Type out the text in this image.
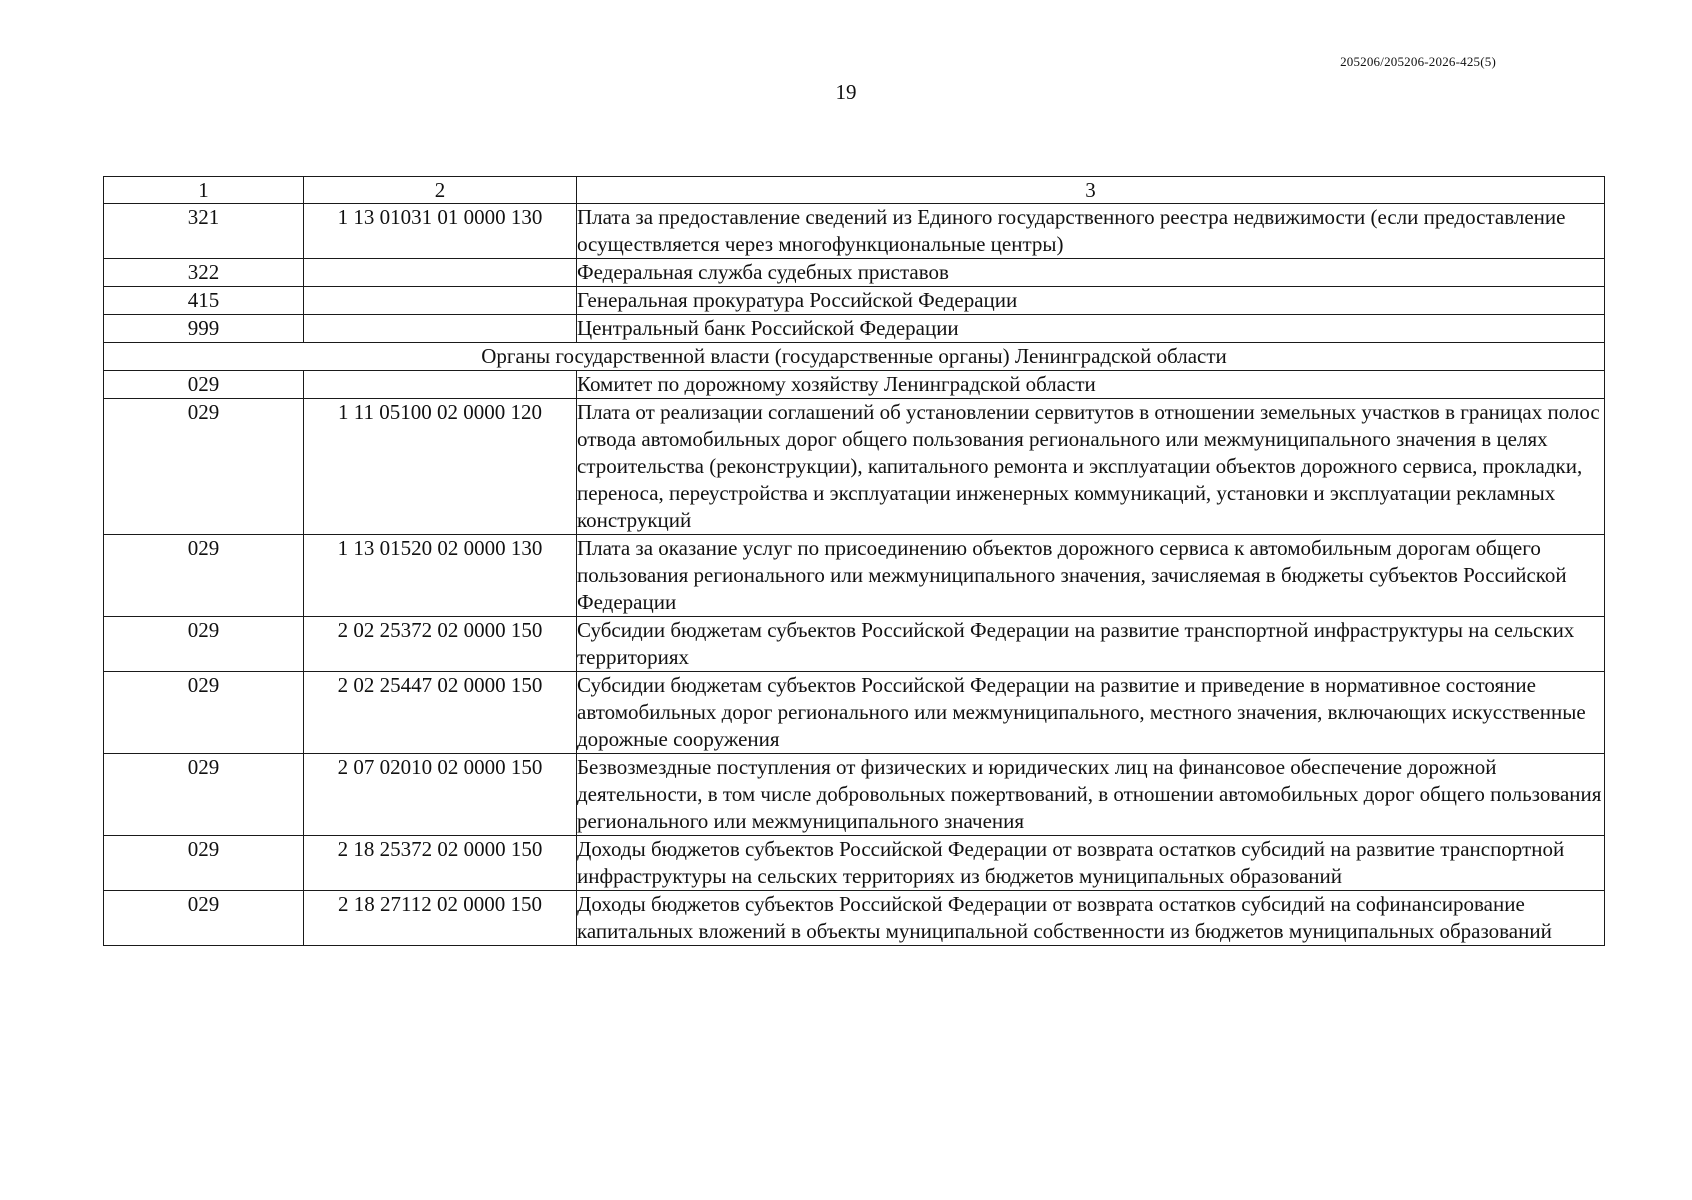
205206/205206-2026-425(5)
19
1	2	3
321	1 13 01031 01 0000 130	Плата за предоставление сведений из Единого государственного реестра недвижимости (если предоставление осуществляется через многофункциональные центры)
322		Федеральная служба судебных приставов
415		Генеральная прокуратура Российской Федерации
999		Центральный банк Российской Федерации
Органы государственной власти (государственные органы) Ленинградской области		
029		Комитет по дорожному хозяйству Ленинградской области
029	1 11 05100 02 0000 120	Плата от реализации соглашений об установлении сервитутов в отношении земельных участков в границах полос отвода автомобильных дорог общего пользования регионального или межмуниципального значения в целях строительства (реконструкции), капитального ремонта и эксплуатации объектов дорожного сервиса, прокладки, переноса, переустройства и эксплуатации инженерных коммуникаций, установки и эксплуатации рекламных конструкций
029	1 13 01520 02 0000 130	Плата за оказание услуг по присоединению объектов дорожного сервиса к автомобильным дорогам общего пользования регионального или межмуниципального значения, зачисляемая в бюджеты субъектов Российской Федерации
029	2 02 25372 02 0000 150	Субсидии бюджетам субъектов Российской Федерации на развитие транспортной инфраструктуры на сельских территориях
029	2 02 25447 02 0000 150	Субсидии бюджетам субъектов Российской Федерации на развитие и приведение в нормативное состояние автомобильных дорог регионального или межмуниципального, местного значения, включающих искусственные дорожные сооружения
029	2 07 02010 02 0000 150	Безвозмездные поступления от физических и юридических лиц на финансовое обеспечение дорожной деятельности, в том числе добровольных пожертвований, в отношении автомобильных дорог общего пользования регионального или межмуниципального значения
029	2 18 25372 02 0000 150	Доходы бюджетов субъектов Российской Федерации от возврата остатков субсидий на развитие транспортной инфраструктуры на сельских территориях из бюджетов муниципальных образований
029	2 18 27112 02 0000 150	Доходы бюджетов субъектов Российской Федерации от возврата остатков субсидий на софинансирование капитальных вложений в объекты муниципальной собственности из бюджетов муниципальных образований
